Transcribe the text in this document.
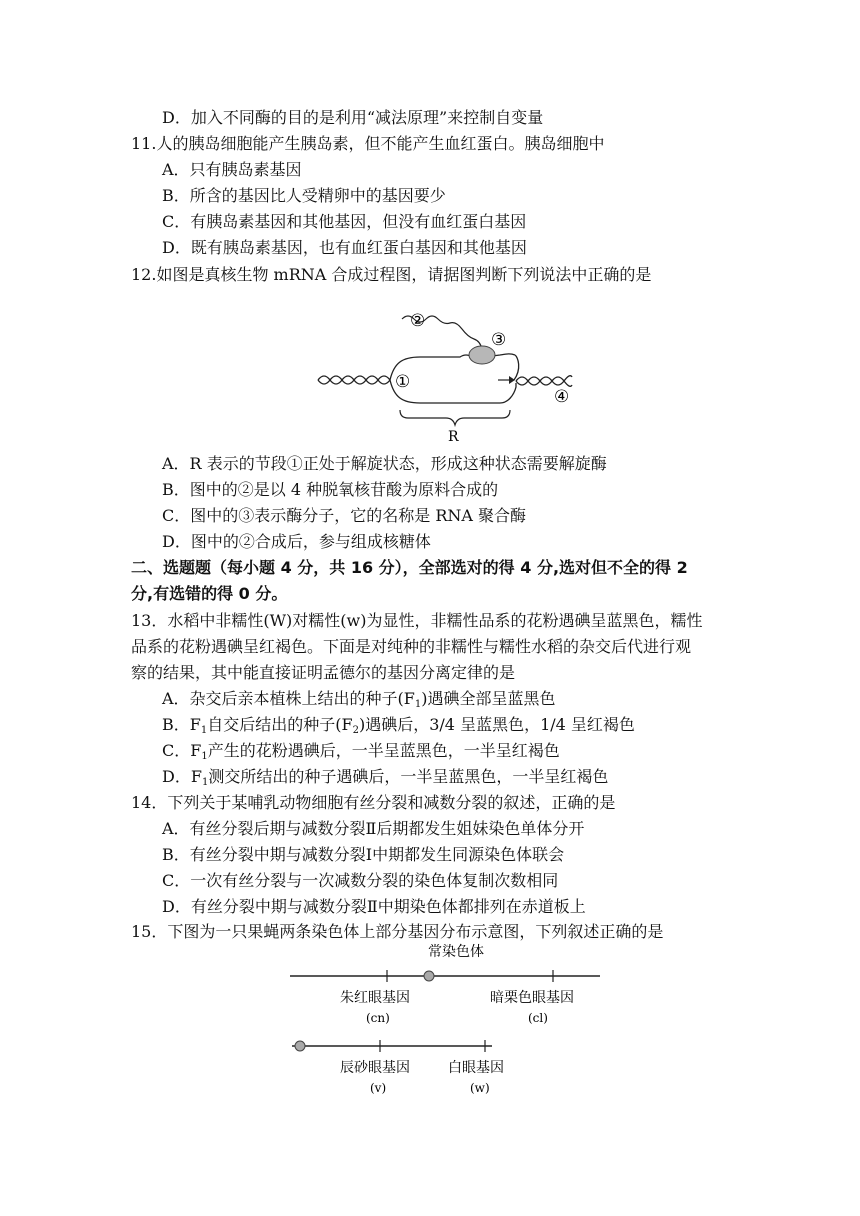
D．加入不同酶的目的是利用“减法原理”来控制自变量
11.人的胰岛细胞能产生胰岛素，但不能产生血红蛋白。胰岛细胞中
A．只有胰岛素基因
B．所含的基因比人受精卵中的基因要少
C．有胰岛素基因和其他基因，但没有血红蛋白基因
D．既有胰岛素基因，也有血红蛋白基因和其他基因
12.如图是真核生物 mRNA 合成过程图，请据图判断下列说法中正确的是
①
②
③
④
R
A．R 表示的节段①正处于解旋状态，形成这种状态需要解旋酶
B．图中的②是以 4 种脱氧核苷酸为原料合成的
C．图中的③表示酶分子，它的名称是 RNA 聚合酶
D．图中的②合成后，参与组成核糖体
二、选题题（每小题 4 分，共 16 分），全部选对的得 4 分,选对但不全的得 2
分,有选错的得 0 分。
13．水稻中非糯性(W)对糯性(w)为显性，非糯性品系的花粉遇碘呈蓝黑色，糯性
品系的花粉遇碘呈红褐色。下面是对纯种的非糯性与糯性水稻的杂交后代进行观
察的结果，其中能直接证明孟德尔的基因分离定律的是
A．杂交后亲本植株上结出的种子$(F_1)$遇碘全部呈蓝黑色
B．$F_1$自交后结出的种子$(F_2)$遇碘后，3/4 呈蓝黑色，1/4 呈红褐色
C．$F_1$产生的花粉遇碘后，一半呈蓝黑色，一半呈红褐色
D．$F_1$测交所结出的种子遇碘后，一半呈蓝黑色，一半呈红褐色
14．下列关于某哺乳动物细胞有丝分裂和减数分裂的叙述，正确的是
A．有丝分裂后期与减数分裂Ⅱ后期都发生姐妹染色单体分开
B．有丝分裂中期与减数分裂Ⅰ中期都发生同源染色体联会
C．一次有丝分裂与一次减数分裂的染色体复制次数相同
D．有丝分裂中期与减数分裂Ⅱ中期染色体都排列在赤道板上
15．下图为一只果蝇两条染色体上部分基因分布示意图，下列叙述正确的是
常染色体
朱红眼基因
(cn)
暗栗色眼基因
(cl)
辰砂眼基因
(v)
白眼基因
(w)
